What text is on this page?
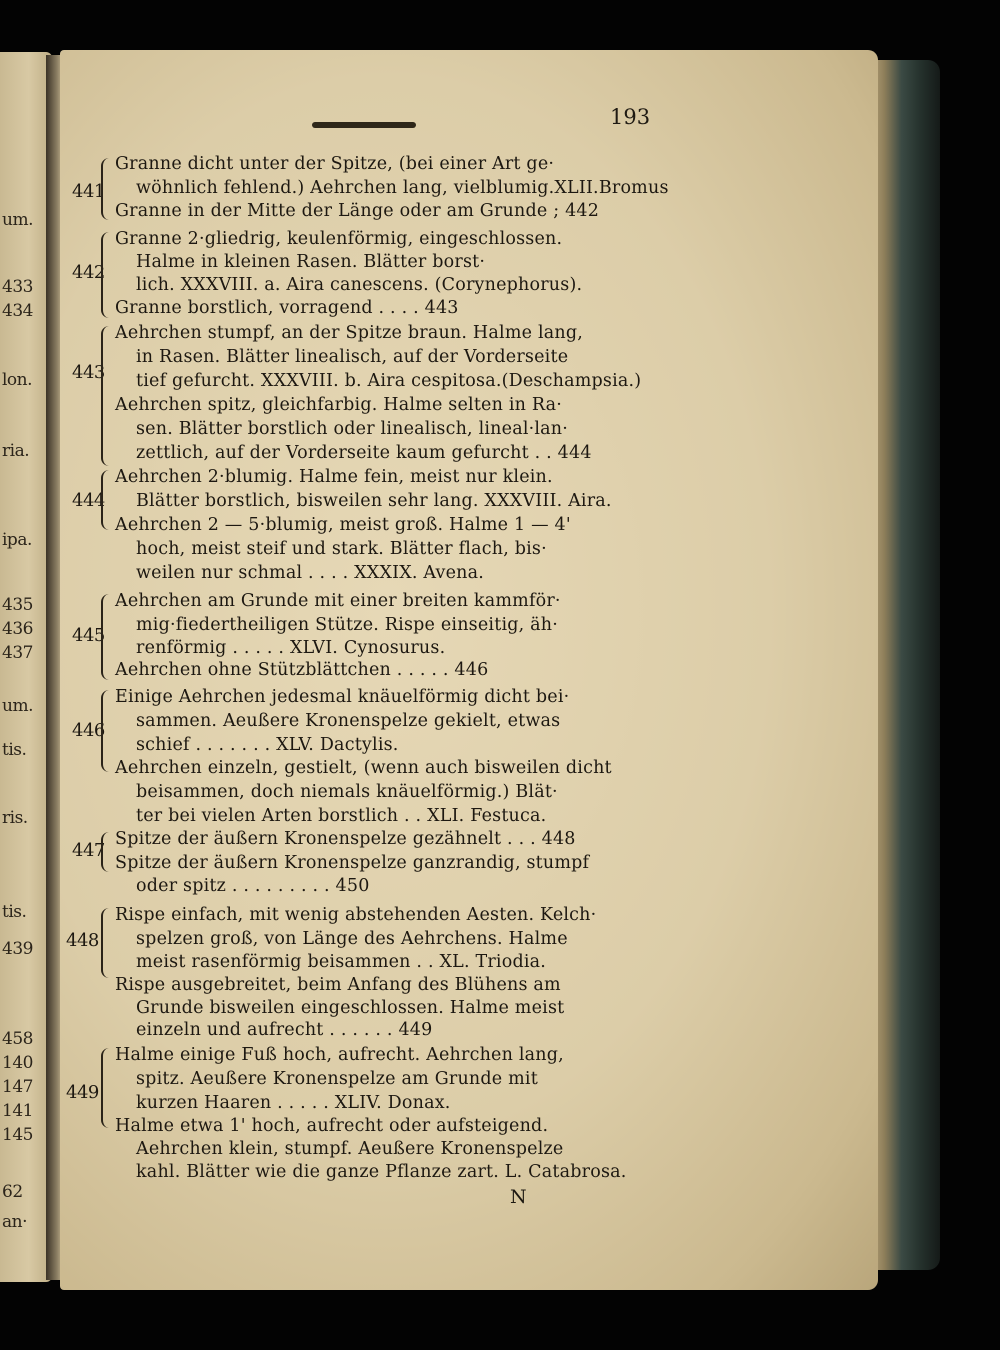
um.
433
434
lon.
ria.
ipa.
435
436
437
um.
tis.
ris.
tis.
439
458
140
147
141
145
62
an·
193
441
Granne dicht unter der Spitze, (bei einer Art ge·
wöhnlich fehlend.) Aehrchen lang, vielblumig.XLII.Bromus
Granne in der Mitte der Länge oder am Grunde ; 442
442
Granne 2·gliedrig, keulenförmig, eingeschlossen.
Halme in kleinen Rasen. Blätter borst·
lich. XXXVIII. a. Aira canescens. (Corynephorus).
Granne borstlich, vorragend . . . . 443
443
Aehrchen stumpf, an der Spitze braun. Halme lang,
in Rasen. Blätter linealisch, auf der Vorderseite
tief gefurcht. XXXVIII. b. Aira cespitosa.(Deschampsia.)
Aehrchen spitz, gleichfarbig. Halme selten in Ra·
sen. Blätter borstlich oder linealisch, lineal·lan·
zettlich, auf der Vorderseite kaum gefurcht . . 444
444
Aehrchen 2·blumig. Halme fein, meist nur klein.
Blätter borstlich, bisweilen sehr lang. XXXVIII. Aira.
Aehrchen 2 — 5·blumig, meist groß. Halme 1 — 4'
hoch, meist steif und stark. Blätter flach, bis·
weilen nur schmal . . . . XXXIX. Avena.
445
Aehrchen am Grunde mit einer breiten kammför·
mig·fiedertheiligen Stütze. Rispe einseitig, äh·
renförmig . . . . . XLVI. Cynosurus.
Aehrchen ohne Stützblättchen . . . . . 446
446
Einige Aehrchen jedesmal knäuelförmig dicht bei·
sammen. Aeußere Kronenspelze gekielt, etwas
schief . . . . . . . XLV. Dactylis.
Aehrchen einzeln, gestielt, (wenn auch bisweilen dicht
beisammen, doch niemals knäuelförmig.) Blät·
ter bei vielen Arten borstlich . . XLI. Festuca.
447
Spitze der äußern Kronenspelze gezähnelt . . . 448
Spitze der äußern Kronenspelze ganzrandig, stumpf
oder spitz . . . . . . . . . 450
448
Rispe einfach, mit wenig abstehenden Aesten. Kelch·
spelzen groß, von Länge des Aehrchens. Halme
meist rasenförmig beisammen . . XL. Triodia.
Rispe ausgebreitet, beim Anfang des Blühens am
Grunde bisweilen eingeschlossen. Halme meist
einzeln und aufrecht . . . . . . 449
449
Halme einige Fuß hoch, aufrecht. Aehrchen lang,
spitz. Aeußere Kronenspelze am Grunde mit
kurzen Haaren . . . . . XLIV. Donax.
Halme etwa 1' hoch, aufrecht oder aufsteigend.
Aehrchen klein, stumpf. Aeußere Kronenspelze
kahl. Blätter wie die ganze Pflanze zart. L. Catabrosa.
N
